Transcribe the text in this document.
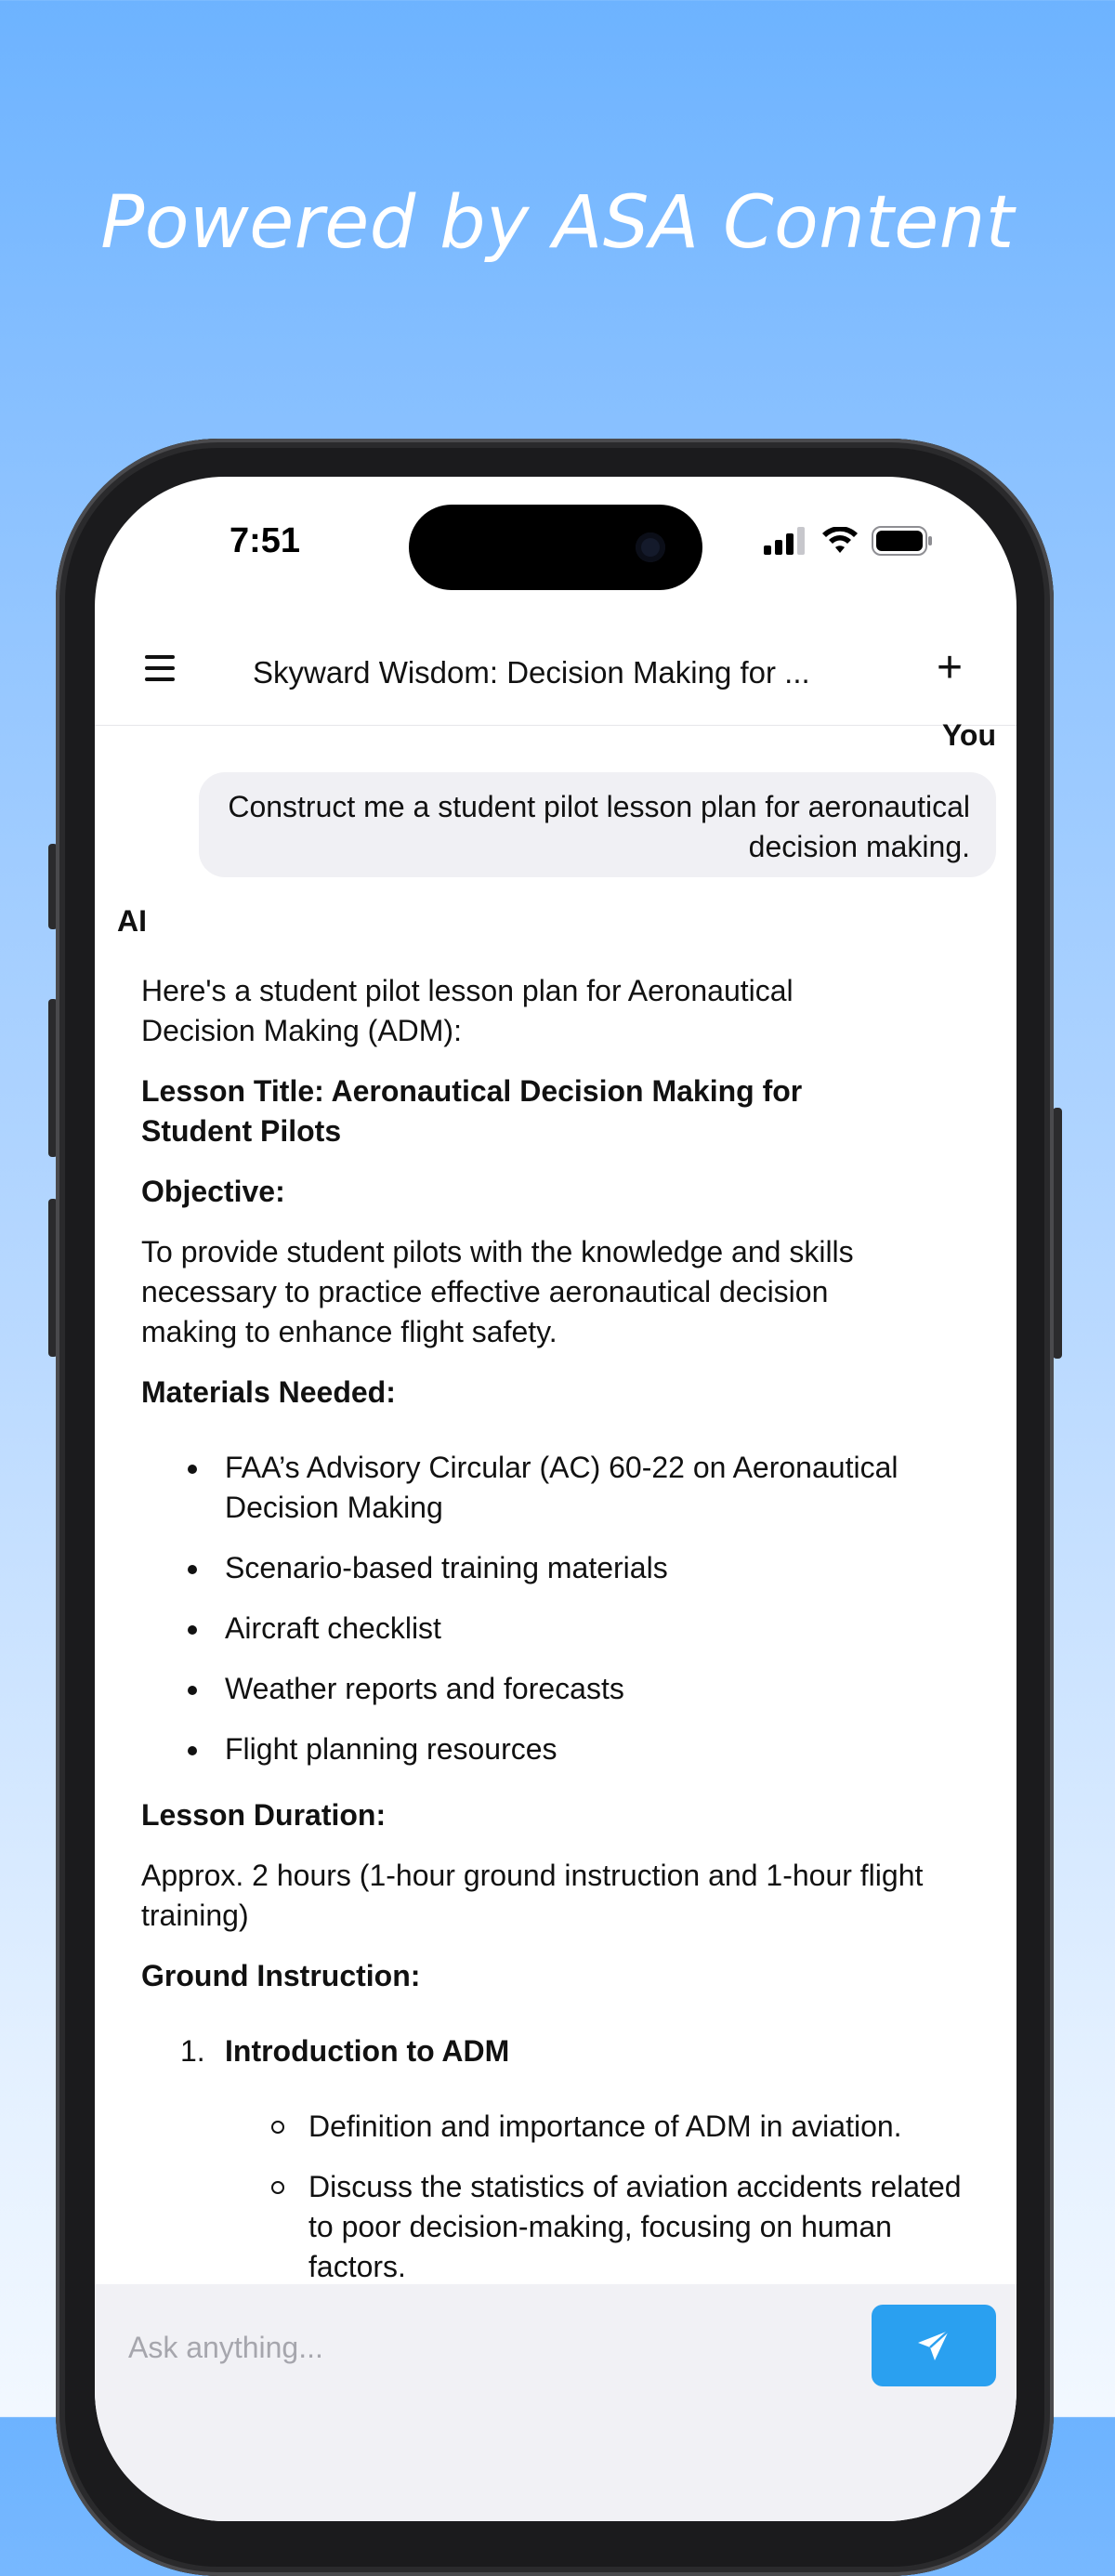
Powered by ASA Content
7:51
Skyward Wisdom: Decision Making for ...	+
You
Construct me a student pilot lesson plan for aeronautical decision making.
AI

Here's a student pilot lesson plan for Aeronautical Decision Making (ADM):

Lesson Title: Aeronautical Decision Making for Student Pilots

Objective:

To provide student pilots with the knowledge and skills necessary to practice effective aeronautical decision making to enhance flight safety.

Materials Needed:

FAA’s Advisory Circular (AC) 60-22 on Aeronautical Decision Making
Scenario-based training materials
Aircraft checklist
Weather reports and forecasts
Flight planning resources

Lesson Duration:

Approx. 2 hours (1-hour ground instruction and 1-hour flight training)

Ground Instruction:

1. Introduction to ADM
Definition and importance of ADM in aviation.
Discuss the statistics of aviation accidents related to poor decision-making, focusing on human factors.
Ask anything...
